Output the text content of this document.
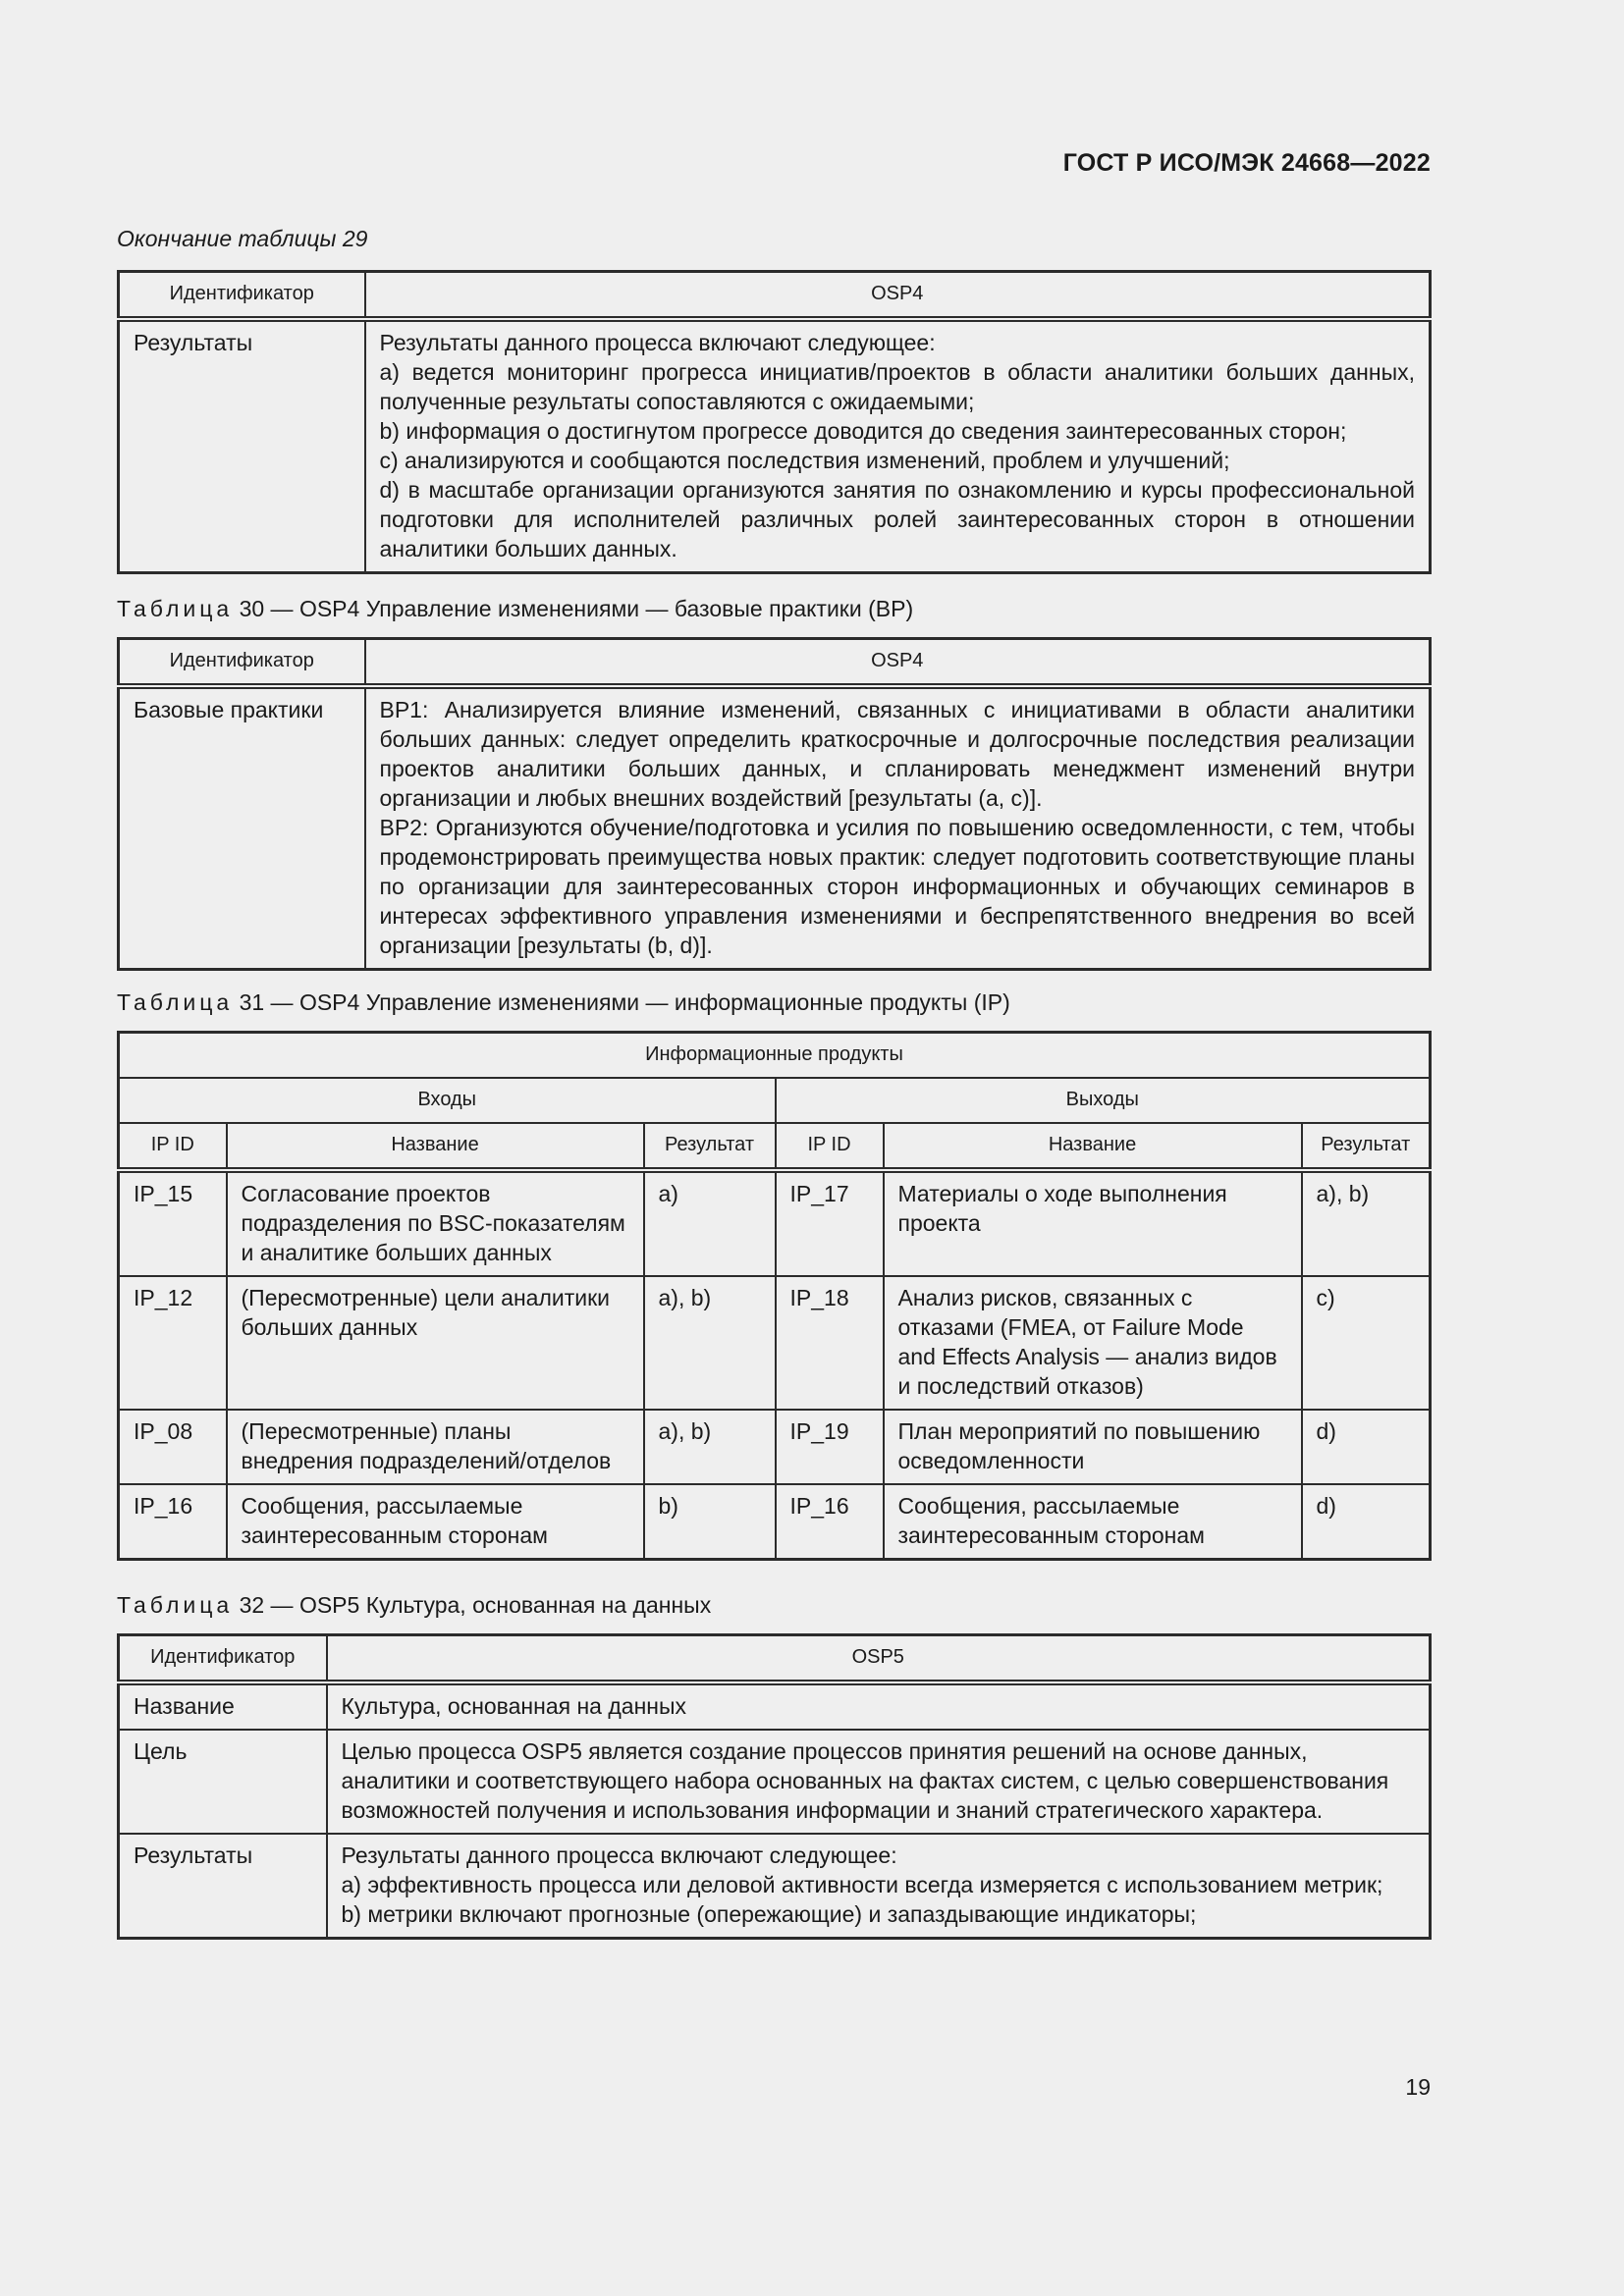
ГОСТ Р ИСО/МЭК 24668—2022
Окончание таблицы 29
Идентификатор	OSP4
Результаты	Результаты данного процесса включают следующее:
a) ведется мониторинг прогресса инициатив/проектов в области аналитики больших данных, полученные результаты сопоставляются с ожидаемыми;
b) информация о достигнутом прогрессе доводится до сведения заинтересованных сторон;
c) анализируются и сообщаются последствия изменений, проблем и улучшений;
d) в масштабе организации организуются занятия по ознакомлению и курсы профессиональной подготовки для исполнителей различных ролей заинтересованных сторон в отношении аналитики больших данных.
Таблица 30 — OSP4 Управление изменениями — базовые практики (BP)
Идентификатор	OSP4
Базовые практики	BP1: Анализируется влияние изменений, связанных с инициативами в области аналитики больших данных: следует определить краткосрочные и долгосрочные последствия реализации проектов аналитики больших данных, и спланировать менеджмент изменений внутри организации и любых внешних воздействий [результаты (a, c)].
BP2: Организуются обучение/подготовка и усилия по повышению осведомленности, с тем, чтобы продемонстрировать преимущества новых практик: следует подготовить соответствующие планы по организации для заинтересованных сторон информационных и обучающих семинаров в интересах эффективного управления изменениями и беспрепятственного внедрения во всей организации [результаты (b, d)].
Таблица 31 — OSP4 Управление изменениями — информационные продукты (IP)
Информационные продукты					
Входы			Выходы		
IP ID	Название	Результат	IP ID	Название	Результат
IP_15	Согласование проектов подразделения по BSC-показателям и аналитике больших данных	a)	IP_17	Материалы о ходе выполнения проекта	a), b)
IP_12	(Пересмотренные) цели аналитики больших данных	a), b)	IP_18	Анализ рисков, связанных с отказами (FMEA, от Failure Mode and Effects Analysis — анализ видов и последствий отказов)	c)
IP_08	(Пересмотренные) планы внедрения подразделений/отделов	a), b)	IP_19	План мероприятий по повышению осведомленности	d)
IP_16	Сообщения, рассылаемые заинтересованным сторонам	b)	IP_16	Сообщения, рассылаемые заинтересованным сторонам	d)
Таблица 32 — OSP5 Культура, основанная на данных
Идентификатор	OSP5
Название	Культура, основанная на данных
Цель	Целью процесса OSP5 является создание процессов принятия решений на основе данных, аналитики и соответствующего набора основанных на фактах систем, с целью совершенствования возможностей получения и использования информации и знаний стратегического характера.
Результаты	Результаты данного процесса включают следующее:
a) эффективность процесса или деловой активности всегда измеряется с использованием метрик;
b) метрики включают прогнозные (опережающие) и запаздывающие индикаторы;
19
